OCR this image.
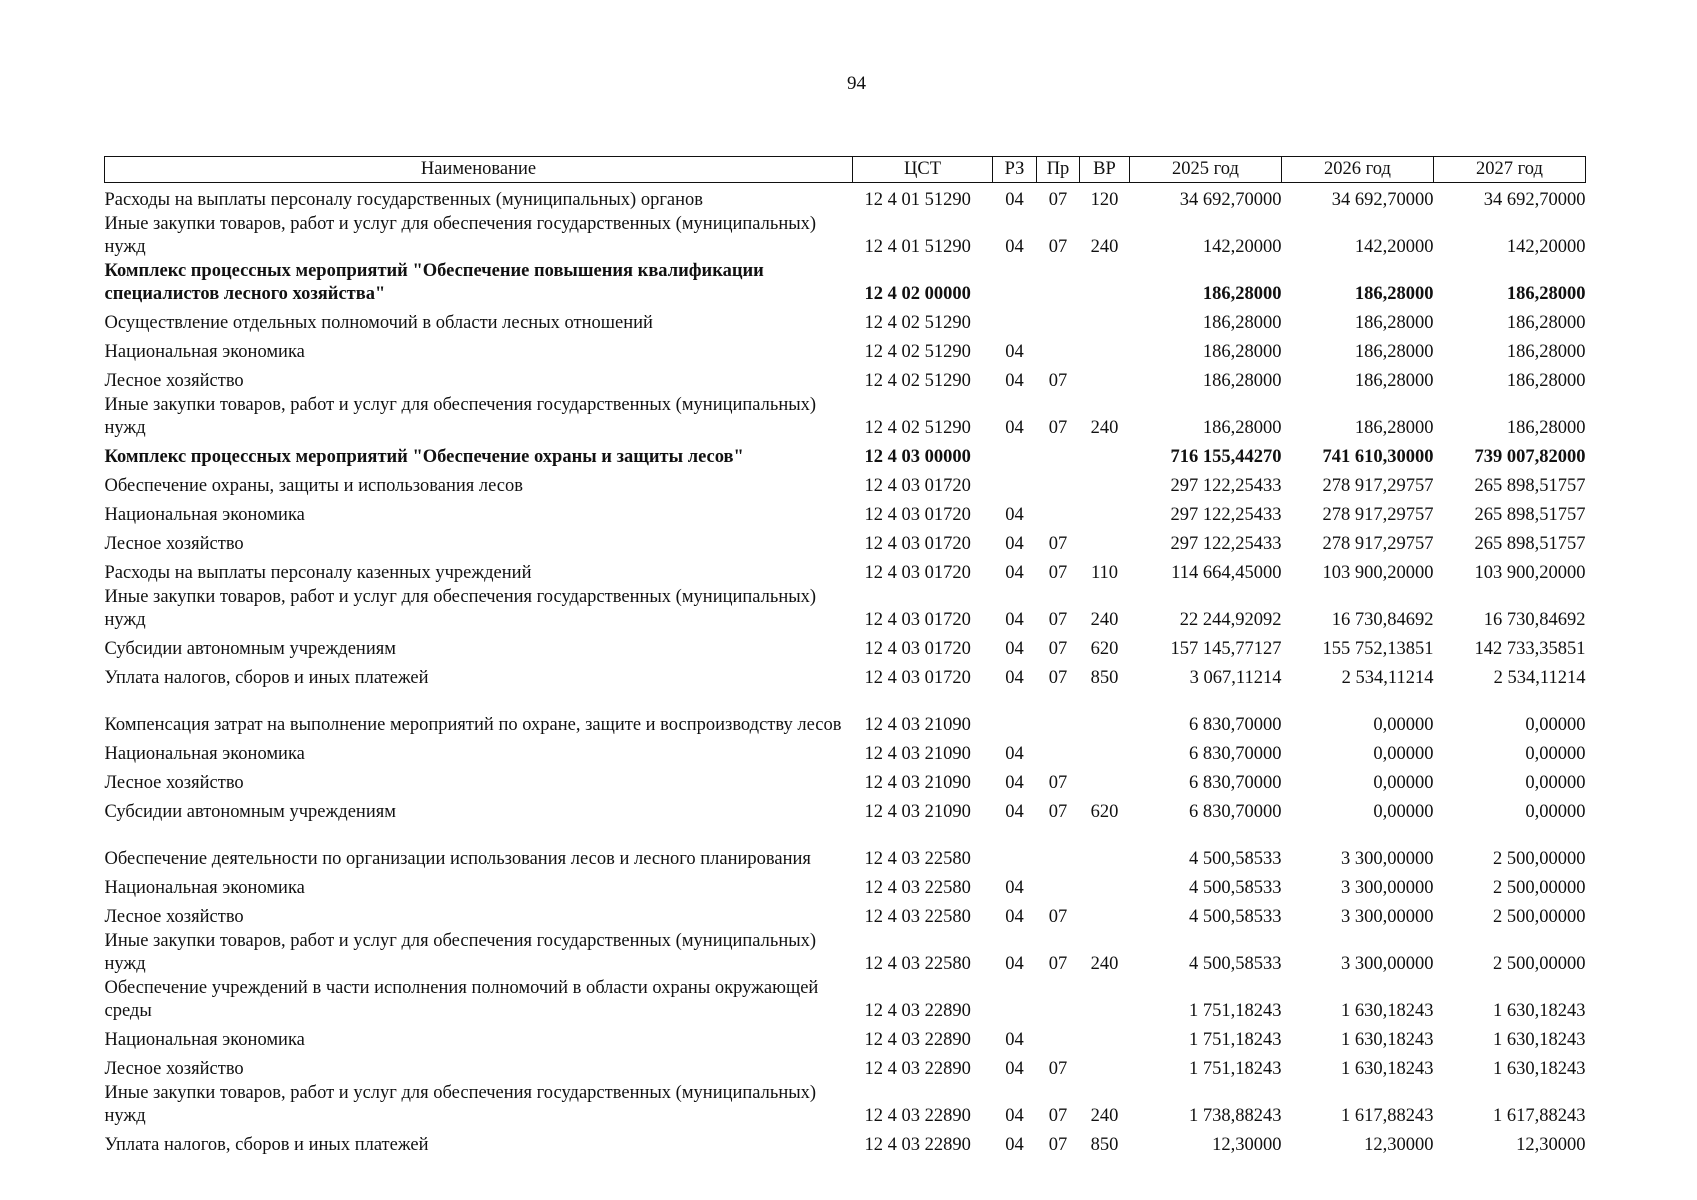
94
Наименование	ЦСТ	РЗ	Пр	ВР	2025 год	2026 год	2027 год
Расходы на выплаты персоналу государственных (муниципальных) органов	12 4 01 51290	04	07	120	34 692,70000	34 692,70000	34 692,70000
Иные закупки товаров, работ и услуг для обеспечения государственных (муниципальных) нужд	12 4 01 51290	04	07	240	142,20000	142,20000	142,20000
Комплекс процессных мероприятий "Обеспечение повышения квалификации специалистов лесного хозяйства"	12 4 02 00000				186,28000	186,28000	186,28000
Осуществление отдельных полномочий в области лесных отношений	12 4 02 51290				186,28000	186,28000	186,28000
Национальная экономика	12 4 02 51290	04			186,28000	186,28000	186,28000
Лесное хозяйство	12 4 02 51290	04	07		186,28000	186,28000	186,28000
Иные закупки товаров, работ и услуг для обеспечения государственных (муниципальных) нужд	12 4 02 51290	04	07	240	186,28000	186,28000	186,28000
Комплекс процессных мероприятий "Обеспечение охраны и защиты лесов"	12 4 03 00000				716 155,44270	741 610,30000	739 007,82000
Обеспечение охраны, защиты и использования лесов	12 4 03 01720				297 122,25433	278 917,29757	265 898,51757
Национальная экономика	12 4 03 01720	04			297 122,25433	278 917,29757	265 898,51757
Лесное хозяйство	12 4 03 01720	04	07		297 122,25433	278 917,29757	265 898,51757
Расходы на выплаты персоналу казенных учреждений	12 4 03 01720	04	07	110	114 664,45000	103 900,20000	103 900,20000
Иные закупки товаров, работ и услуг для обеспечения государственных (муниципальных) нужд	12 4 03 01720	04	07	240	22 244,92092	16 730,84692	16 730,84692
Субсидии автономным учреждениям	12 4 03 01720	04	07	620	157 145,77127	155 752,13851	142 733,35851
Уплата налогов, сборов и иных платежей	12 4 03 01720	04	07	850	3 067,11214	2 534,11214	2 534,11214
Компенсация затрат на выполнение мероприятий по охране, защите и воспроизводству лесов	12 4 03 21090				6 830,70000	0,00000	0,00000
Национальная экономика	12 4 03 21090	04			6 830,70000	0,00000	0,00000
Лесное хозяйство	12 4 03 21090	04	07		6 830,70000	0,00000	0,00000
Субсидии автономным учреждениям	12 4 03 21090	04	07	620	6 830,70000	0,00000	0,00000
Обеспечение деятельности по организации использования лесов и лесного планирования	12 4 03 22580				4 500,58533	3 300,00000	2 500,00000
Национальная экономика	12 4 03 22580	04			4 500,58533	3 300,00000	2 500,00000
Лесное хозяйство	12 4 03 22580	04	07		4 500,58533	3 300,00000	2 500,00000
Иные закупки товаров, работ и услуг для обеспечения государственных (муниципальных) нужд	12 4 03 22580	04	07	240	4 500,58533	3 300,00000	2 500,00000
Обеспечение учреждений в части исполнения полномочий в области охраны окружающей среды	12 4 03 22890				1 751,18243	1 630,18243	1 630,18243
Национальная экономика	12 4 03 22890	04			1 751,18243	1 630,18243	1 630,18243
Лесное хозяйство	12 4 03 22890	04	07		1 751,18243	1 630,18243	1 630,18243
Иные закупки товаров, работ и услуг для обеспечения государственных (муниципальных) нужд	12 4 03 22890	04	07	240	1 738,88243	1 617,88243	1 617,88243
Уплата налогов, сборов и иных платежей	12 4 03 22890	04	07	850	12,30000	12,30000	12,30000
